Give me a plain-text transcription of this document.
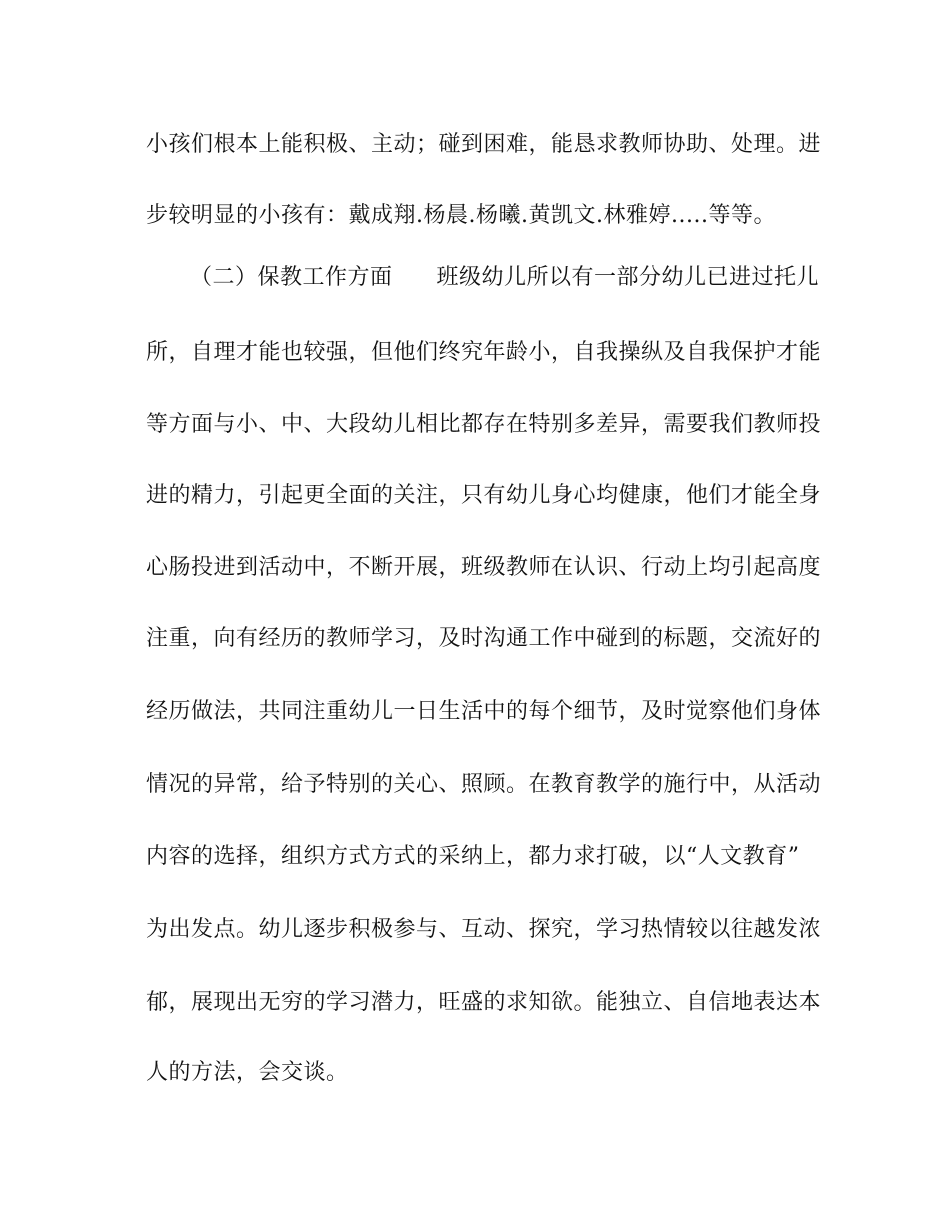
小孩们根本上能积极、主动；碰到困难，能恳求教师协助、处理。进
步较明显的小孩有：戴成翔.杨晨.杨曦.黄凯文.林雅婷.....等等。
（二）保教工作方面 班级幼儿所以有一部分幼儿已进过托儿
所，自理才能也较强，但他们终究年龄小，自我操纵及自我保护才能
等方面与小、中、大段幼儿相比都存在特别多差异，需要我们教师投
进的精力，引起更全面的关注，只有幼儿身心均健康，他们才能全身
心肠投进到活动中，不断开展，班级教师在认识、行动上均引起高度
注重，向有经历的教师学习，及时沟通工作中碰到的标题，交流好的
经历做法，共同注重幼儿一日生活中的每个细节，及时觉察他们身体
情况的异常，给予特别的关心、照顾。在教育教学的施行中，从活动
内容的选择，组织方式方式的采纳上，都力求打破，以“人文教育”
为出发点。幼儿逐步积极参与、互动、探究，学习热情较以往越发浓
郁，展现出无穷的学习潜力，旺盛的求知欲。能独立、自信地表达本
人的方法，会交谈。
